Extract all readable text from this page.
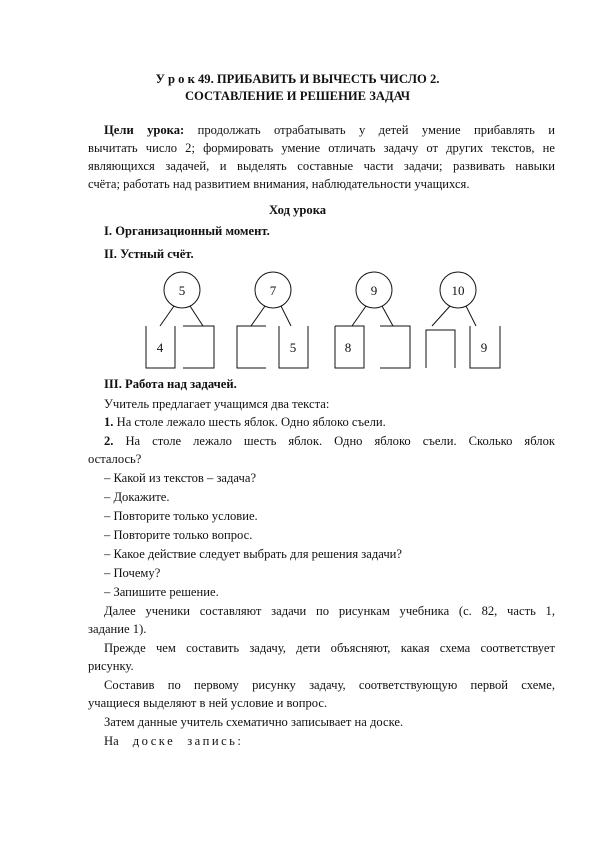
У р о к 49. ПРИБАВИТЬ И ВЫЧЕСТЬ ЧИСЛО 2.
СОСТАВЛЕНИЕ И РЕШЕНИЕ ЗАДАЧ
Цели урока: продолжать отрабатывать у детей умение прибавлять и
вычитать число 2; формировать умение отличать задачу от других текстов, не
являющихся задачей, и выделять составные части задачи; развивать навыки
счёта; работать над развитием внимания, наблюдательности учащихся.
Ход урока
I. Организационный момент.
II. Устный счёт.
5	7	9	10
4	8
5	9
III. Работа над задачей.
Учитель предлагает учащимся два текста:
1. На столе лежало шесть яблок. Одно яблоко съели.
2. На столе лежало шесть яблок. Одно яблоко съели. Сколько яблок
осталось?
– Какой из текстов – задача?
– Докажите.
– Повторите только условие.
– Повторите только вопрос.
– Какое действие следует выбрать для решения задачи?
– Почему?
– Запишите решение.
Далее ученики составляют задачи по рисункам учебника (с. 82, часть 1,
задание 1).
Прежде чем составить задачу, дети объясняют, какая схема соответствует
рисунку.
Составив по первому рисунку задачу, соответствующую первой схеме,
учащиеся выделяют в ней условие и вопрос.
Затем данные учитель схематично записывает на доске.
На доске запись:
